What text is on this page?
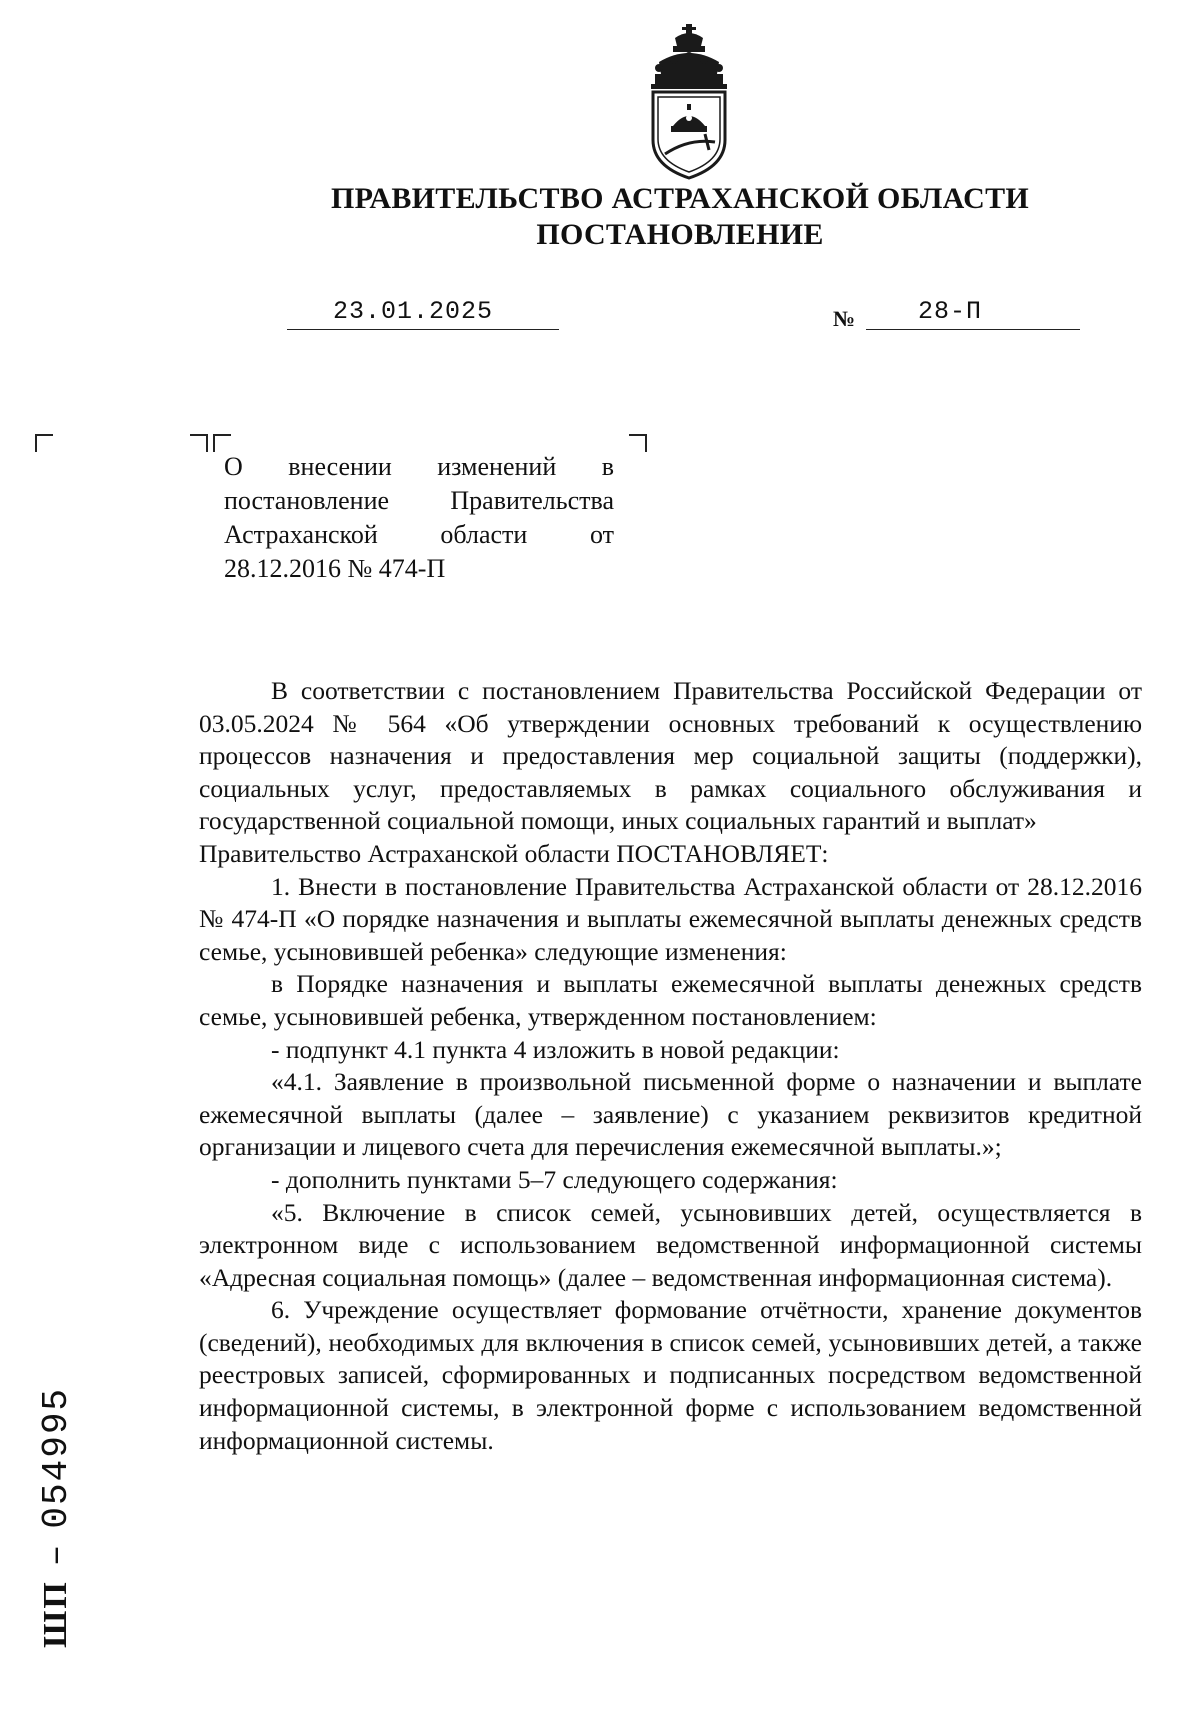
ПРАВИТЕЛЬСТВО АСТРАХАНСКОЙ ОБЛАСТИ
ПОСТАНОВЛЕНИЕ
23.01.2025	№	28-П
О внесении изменений в постановление Правительства Астраханской области от 28.12.2016 № 474-П

В соответствии с постановлением Правительства Российской Федерации от 03.05.2024 № 564 «Об утверждении основных требований к осуществлению процессов назначения и предоставления мер социальной защиты (поддержки), социальных услуг, предоставляемых в рамках социального обслуживания и государственной социальной помощи, иных социальных гарантий и выплат»

Правительство Астраханской области ПОСТАНОВЛЯЕТ:

1. Внести в постановление Правительства Астраханской области от 28.12.2016 № 474-П «О порядке назначения и выплаты ежемесячной выплаты денежных средств семье, усыновившей ребенка» следующие изменения:

в Порядке назначения и выплаты ежемесячной выплаты денежных средств семье, усыновившей ребенка, утвержденном постановлением:

- подпункт 4.1 пункта 4 изложить в новой редакции:

«4.1. Заявление в произвольной письменной форме о назначении и выплате ежемесячной выплаты (далее – заявление) с указанием реквизитов кредитной организации и лицевого счета для перечисления ежемесячной выплаты.»;

- дополнить пунктами 5–7 следующего содержания:

«5. Включение в список семей, усыновивших детей, осуществляется в электронном виде с использованием ведомственной информационной системы «Адресная социальная помощь» (далее – ведомственная информационная система).

6. Учреждение осуществляет формование отчётности, хранение документов (сведений), необходимых для включения в список семей, усыновивших детей, а также реестровых записей, сформированных и подписанных посредством ведомственной информационной системы, в электронной форме с использованием ведомственной информационной системы.

ШП
–
054995
